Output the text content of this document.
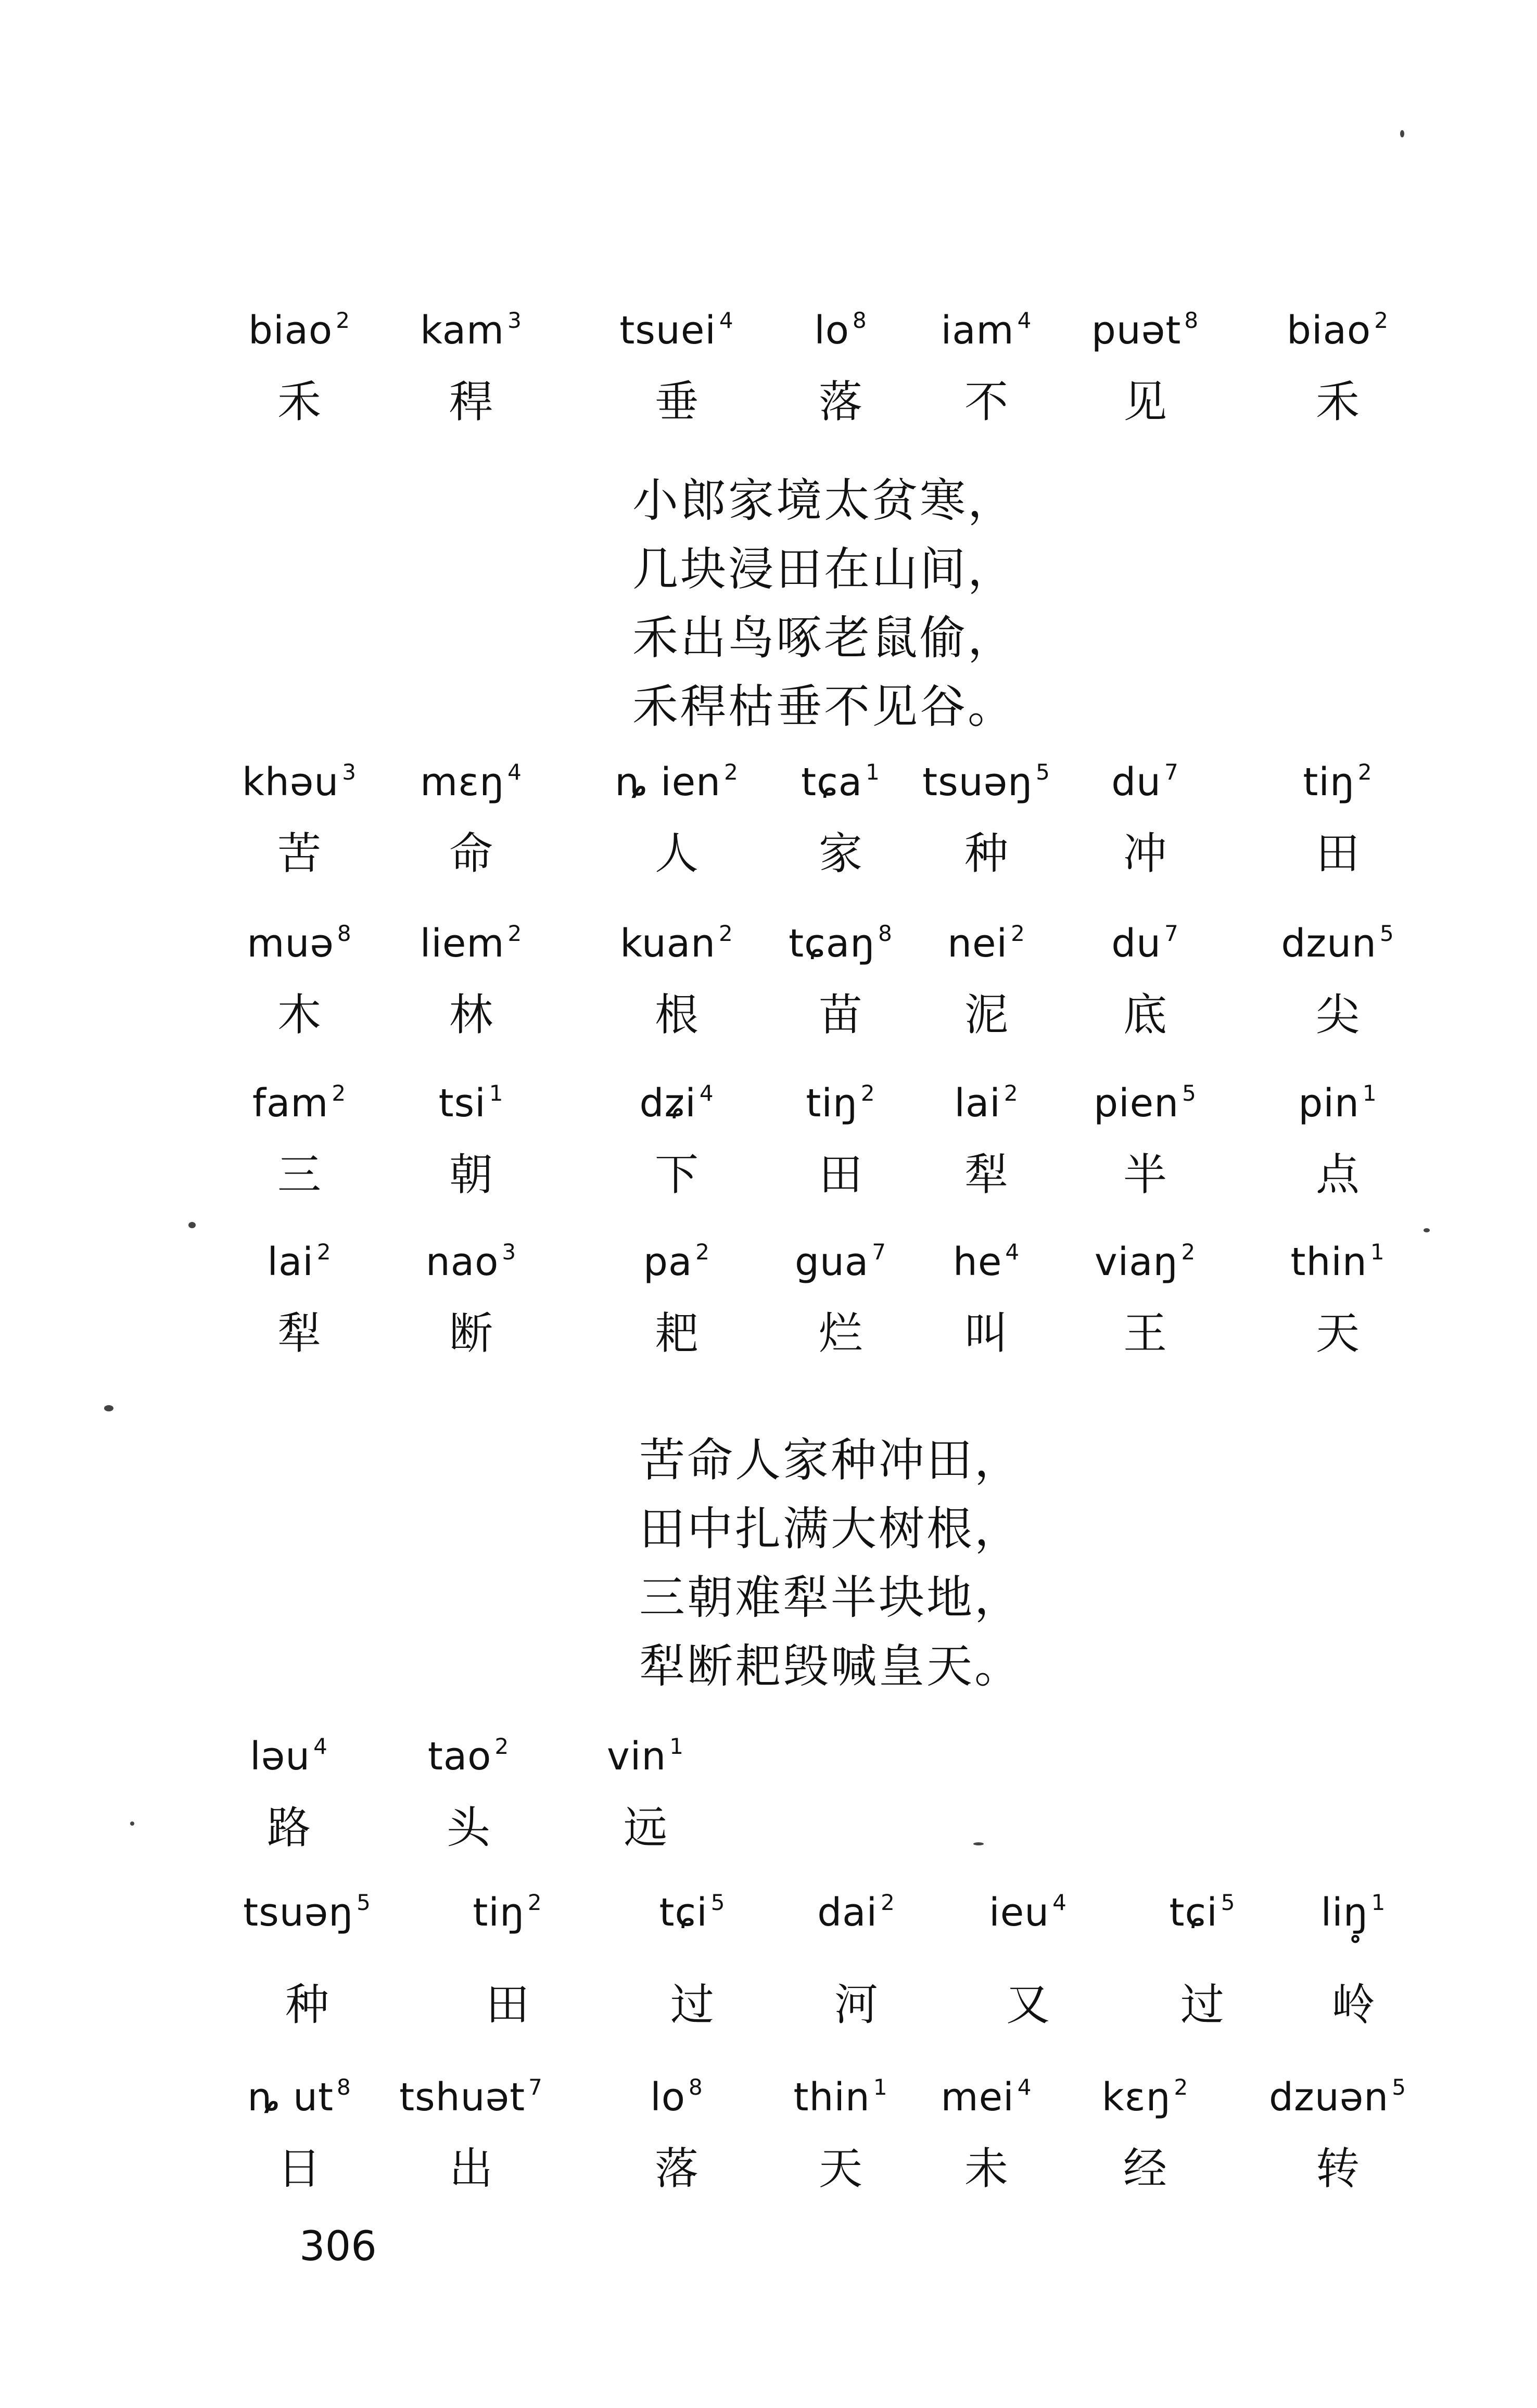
biao $^2$
禾
kam $^3$
稈
tsuei $^4$
垂
lo $^8$
落
iam $^4$
不
puət $^8$
见
biao $^2$
禾
小郎家境太贫寒，
几块浸田在山间，
禾出鸟啄老鼠偷，
禾稈枯垂不见谷。
khəu $^3$
苦
mɛŋ $^4$
命
ȵ ien $^2$
人
tɕa $^1$
家
tsuəŋ $^5$
种
du $^7$
冲
tiŋ $^2$
田
muə $^8$
木
liem $^2$
林
kuan $^2$
根
tɕaŋ $^8$
苗
nei $^2$
泥
du $^7$
底
dzun $^5$
尖
fam $^2$
三
tsi $^1$
朝
dʑi $^4$
下
tiŋ $^2$
田
lai $^2$
犁
pien $^5$
半
pin $^1$
点
lai $^2$
犁
nao $^3$
断
pa $^2$
耙
gua $^7$
烂
he $^4$
叫
viaŋ $^2$
王
thin $^1$
天
苦命人家种冲田，
田中扎满大树根，
三朝难犁半块地，
犁断耙毁喊皇天。
ləu $^4$
路
tao $^2$
头
vin $^1$
远
tsuəŋ $^5$
种
tiŋ $^2$
田
tɕi $^5$
过
dai $^2$
河
ieu $^4$
又
tɕi $^5$
过
liŋ̥ $^1$
岭
ȵ ut $^8$
日
tshuət $^7$
出
lo $^8$
落
thin $^1$
天
mei $^4$
未
kɛŋ $^2$
经
dzuən $^5$
转
306
